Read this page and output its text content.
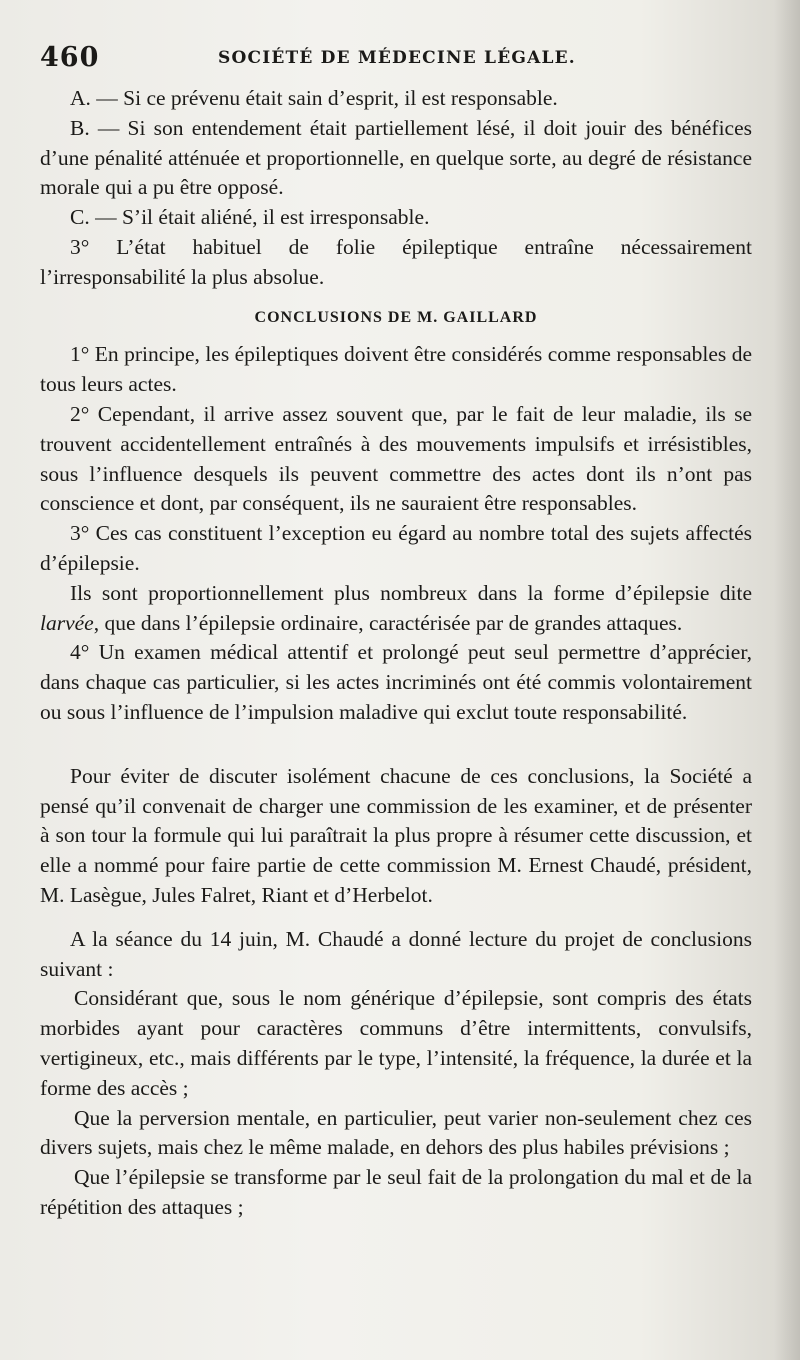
460	SOCIÉTÉ DE MÉDECINE LÉGALE.

A. — Si ce prévenu était sain d’esprit, il est responsable.

B. — Si son entendement était partiellement lésé, il doit jouir des bénéfices d’une pénalité atténuée et proportionnelle, en quelque sorte, au degré de résistance morale qui a pu être opposé.

C. — S’il était aliéné, il est irresponsable.

3° L’état habituel de folie épileptique entraîne nécessairement l’irresponsabilité la plus absolue.

CONCLUSIONS DE M. GAILLARD

1° En principe, les épileptiques doivent être considérés comme responsables de tous leurs actes.

2° Cependant, il arrive assez souvent que, par le fait de leur maladie, ils se trouvent accidentellement entraînés à des mouvements impulsifs et irrésistibles, sous l’influence desquels ils peuvent commettre des actes dont ils n’ont pas conscience et dont, par conséquent, ils ne sauraient être responsables.

3° Ces cas constituent l’exception eu égard au nombre total des sujets affectés d’épilepsie.

Ils sont proportionnellement plus nombreux dans la forme d’épilepsie dite larvée, que dans l’épilepsie ordinaire, caractérisée par de grandes attaques.

4° Un examen médical attentif et prolongé peut seul permettre d’apprécier, dans chaque cas particulier, si les actes incriminés ont été commis volontairement ou sous l’influence de l’impulsion maladive qui exclut toute responsabilité.

Pour éviter de discuter isolément chacune de ces conclusions, la Société a pensé qu’il convenait de charger une commission de les examiner, et de présenter à son tour la formule qui lui paraîtrait la plus propre à résumer cette discussion, et elle a nommé pour faire partie de cette commission M. Ernest Chaudé, président, M. Lasègue, Jules Falret, Riant et d’Herbelot.

A la séance du 14 juin, M. Chaudé a donné lecture du projet de conclusions suivant :

Considérant que, sous le nom générique d’épilepsie, sont compris des états morbides ayant pour caractères communs d’être intermittents, convulsifs, vertigineux, etc., mais différents par le type, l’intensité, la fréquence, la durée et la forme des accès ;

Que la perversion mentale, en particulier, peut varier non-seulement chez ces divers sujets, mais chez le même malade, en dehors des plus habiles prévisions ;

Que l’épilepsie se transforme par le seul fait de la prolongation du mal et de la répétition des attaques ;
